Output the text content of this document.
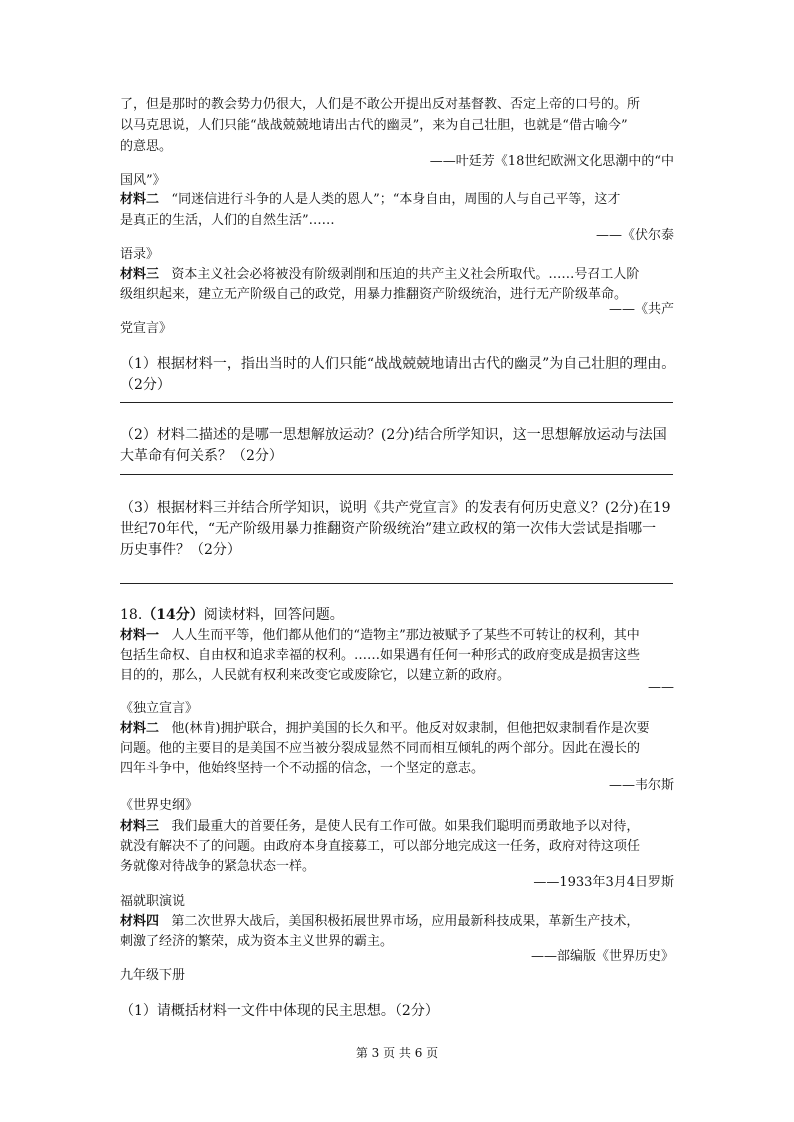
了，但是那时的教会势力仍很大，人们是不敢公开提出反对基督教、否定上帝的口号的。所
以马克思说，人们只能“战战兢兢地请出古代的幽灵”，来为自己壮胆，也就是“借古喻今”
的意思。
——叶廷芳《18世纪欧洲文化思潮中的“中
国风”》
材料二 “同迷信进行斗争的人是人类的恩人”；“本身自由，周围的人与自己平等，这才
是真正的生活，人们的自然生活”……
——《伏尔泰
语录》
材料三 资本主义社会必将被没有阶级剥削和压迫的共产主义社会所取代。……号召工人阶
级组织起来，建立无产阶级自己的政党，用暴力推翻资产阶级统治，进行无产阶级革命。
——《共产
党宣言》
（1）根据材料一，指出当时的人们只能“战战兢兢地请出古代的幽灵”为自己壮胆的理由。
（2分）
（2）材料二描述的是哪一思想解放运动？(2分)结合所学知识，这一思想解放运动与法国
大革命有何关系？（2分）
（3）根据材料三并结合所学知识，说明《共产党宣言》的发表有何历史意义？(2分)在19
世纪70年代，“无产阶级用暴力推翻资产阶级统治”建立政权的第一次伟大尝试是指哪一
历史事件？（2分）
18.（14分）阅读材料，回答问题。
材料一 人人生而平等，他们都从他们的“造物主”那边被赋予了某些不可转让的权利，其中
包括生命权、自由权和追求幸福的权利。……如果遇有任何一种形式的政府变成是损害这些
目的的，那么，人民就有权利来改变它或废除它，以建立新的政府。
——
《独立宣言》
材料二 他(林肯)拥护联合，拥护美国的长久和平。他反对奴隶制，但他把奴隶制看作是次要
问题。他的主要目的是美国不应当被分裂成显然不同而相互倾轧的两个部分。因此在漫长的
四年斗争中，他始终坚持一个不动摇的信念，一个坚定的意志。
——韦尔斯
《世界史纲》
材料三 我们最重大的首要任务，是使人民有工作可做。如果我们聪明而勇敢地予以对待，
就没有解决不了的问题。由政府本身直接募工，可以部分地完成这一任务，政府对待这项任
务就像对待战争的紧急状态一样。
——1933年3月4日罗斯
福就职演说
材料四 第二次世界大战后，美国积极拓展世界市场，应用最新科技成果，革新生产技术，
刺激了经济的繁荣，成为资本主义世界的霸主。
——部编版《世界历史》
九年级下册
（1）请概括材料一文件中体现的民主思想。（2分）
第 3 页 共 6 页
